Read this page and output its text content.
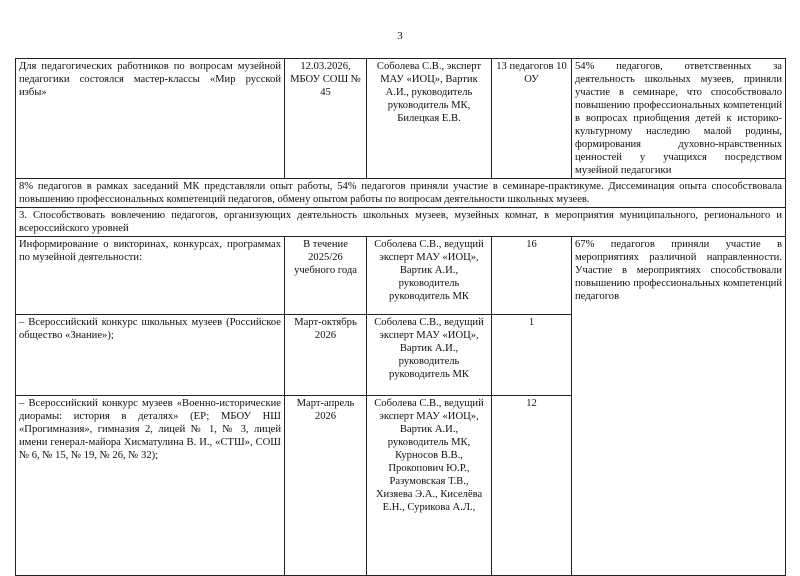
3
Для педагогических работников по вопросам музейной педагогики состоялся мастер-классы «Мир русской избы»	12.03.2026, МБОУ СОШ № 45	Соболева С.В., эксперт МАУ «ИОЦ», Вартик А.И., руководитель руководитель МК, Билецкая Е.В.	13 педагогов 10 ОУ	54% педагогов, ответственных за деятельность школьных музеев, приняли участие в семинаре, что способствовало повышению профессиональных компетенций в вопросах приобщения детей к историко-культурному наследию малой родины, формирования духовно-нравственных ценностей у учащихся посредством музейной педагогики
8% педагогов в рамках заседаний МК представляли опыт работы, 54% педагогов приняли участие в семинаре-практикуме. Диссеминация опыта способствовала повышению профессиональных компетенций педагогов, обмену опытом работы по вопросам деятельности школьных музеев.				
3. Способствовать вовлечению педагогов, организующих деятельность школьных музеев, музейных комнат, в мероприятия муниципального, регионального и всероссийского уровней				
Информирование о викторинах, конкурсах, программах по музейной деятельности:	В течение 2025/26 учебного года	Соболева С.В., ведущий эксперт МАУ «ИОЦ», Вартик А.И., руководитель руководитель МК	16	67% педагогов приняли участие в мероприятиях различной направленности. Участие в мероприятиях способствовали повышению профессиональных компетенций педагогов
– Всероссийский конкурс школьных музеев (Российское общество «Знание»);	Март-октябрь 2026	Соболева С.В., ведущий эксперт МАУ «ИОЦ», Вартик А.И., руководитель руководитель МК	1	
– Всероссийский конкурс музеев «Военно-исторические диорамы: история в деталях» (ЕР; МБОУ НШ «Прогимназия», гимназия 2, лицей № 1, № 3, лицей имени генерал-майора Хисматулина В. И., «СТШ», СОШ № 6, № 15, № 19, № 26, № 32);	Март-апрель 2026	Соболева С.В., ведущий эксперт МАУ «ИОЦ», Вартик А.И., руководитель МК, Курносов В.В., Прокопович Ю.Р., Разумовская Т.В., Хизяева Э.А., Киселёва Е.Н., Сурикова А.Л.,	12	
